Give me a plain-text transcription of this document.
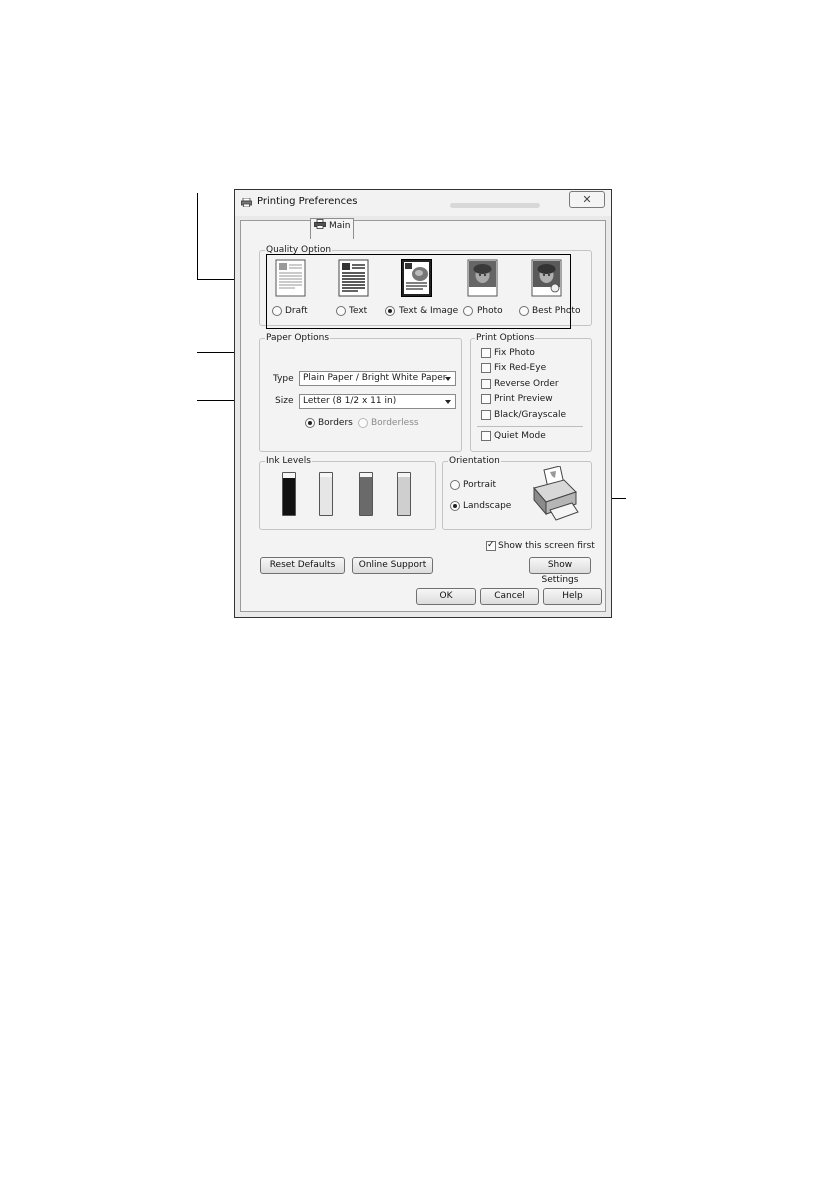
Printing Preferences	✕
Main
Quality Option
Draft	Text	Text & Image Photo	Best Photo
Paper Options
Type	Plain Paper / Bright White Paper
Size	Letter (8 1/2 x 11 in)
Borders Borderless
Print Options
Fix Photo
Fix Red-Eye
Reverse Order
Print Preview
Black/Grayscale
Quiet Mode
Ink Levels	Orientation
Portrait
Landscape
✓
Show this screen first
Reset Defaults	Online Support	Show Settings
OK	Cancel	Help
